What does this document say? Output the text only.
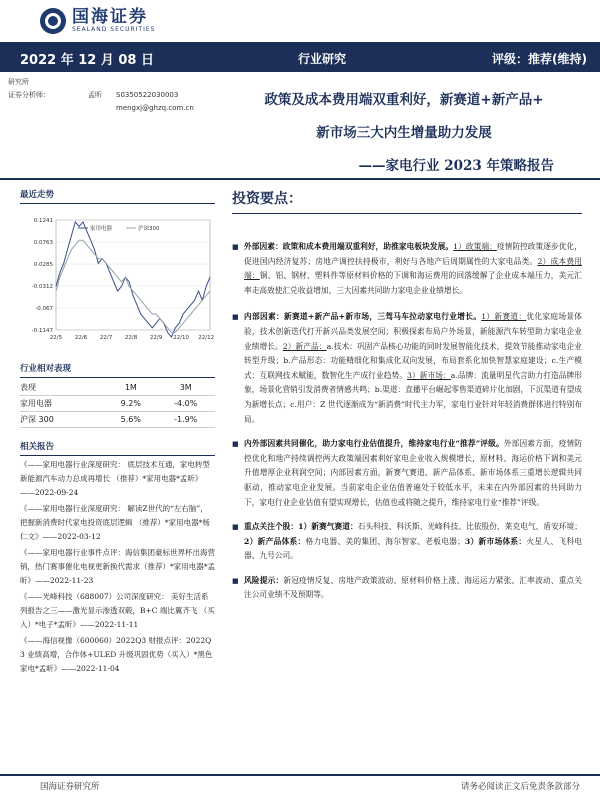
国海证券
SEALAND SECURITIES
2022 年 12 月 08 日	行业研究	评级：推荐(维持)
研究所
证券分析师：	孟昕 S0350522030003
mengxj@ghzq.com.cn	政策及成本费用端双重利好，新赛道+新产品+
新市场三大内生增量助力发展
——家电行业 2023 年策略报告
最近走势
0.1241
0.0763
0.0285
-0.0312
-0.067
-0.1147
22/5 22/6 22/7 22/8 22/9 22/10 22/12
家用电器	沪深300
行业相对表现
表现	1M	3M
家用电器	9.2%	-4.0%
沪深 300	5.6%	-1.9%
相关报告
《——家用电器行业深度研究： 底层技术互通，家电转型新能源汽车动力总成再增长 （推荐）*家用电器*孟昕》——2022-09-24
《——家用电器行业深度研究： 解读Z世代的“左右脑”，把握新消费时代家电投资底层逻辑 （推荐）*家用电器*杨仁文》——2022-03-12
《——家用电器行业事件点评：海信集团豪标世界杯出海营销，热门赛事催化电视更新换代需求（推荐）*家用电器*孟昕》——2022-11-23
《——光峰科技（688007）公司深度研究： 美好生活系列报告之三——激光显示渗透双毂，B+C 端比翼齐飞 （买入）*电子*孟昕》——2022-11-11
《——海信视像（600060）2022Q3 财报点评：2022Q3 业绩高增，合作体+ULED 升级巩固优势（买入）*黑色家电*孟昕》——2022-11-04
投资要点：
■ 外部因素：政策和成本费用端双重利好，助推家电板块发展。1）政策端：疫情防控政策逐步优化，促进国内经济复苏；房地产调控扶持极市，利好与各地产后周期属性的大家电品类。2）成本费用端：铜、铝、钢材、塑料件等原材料价格的下调和海运费用的回落缓解了企业成本端压力，美元汇率走高致使汇兑收益增加，三大因素共同助力家电企业业绩增长。
■ 内部因素：新赛道+新产品+新市场，三驾马车拉动家电行业增长。1）新赛道：优化家庭场景体验，技术创新迭代打开新兴品类发展空间；积极探索布局户外场景，新能源汽车转型助力家电企业业绩增长。2）新产品：a.技术：巩固产品核心功能的同时发展智能化技术，提效节能推动家电企业转型升级；b.产品形态：功能精细化和集成化双向发展，布局套系化加快智慧家庭建设；c.生产模式：互联网技术赋能，数智化生产成行业趋势。3）新市场：a.品牌：流量明星代言助力打造品牌形象，场景化营销引发消费者情感共鸣；b.渠道：直播平台崛起零售渠道碎片化加剧，下沉渠道有望成为新增长点；c.用户：Z 世代逐渐成为“新消费”时代主力军，家电行业针对年轻消费群体进行特别布局。
■ 内外部因素共同催化，助力家电行业估值提升，维持家电行业“推荐”评级。外部因素方面，疫情防控优化和地产持续调控两大政策端因素利好家电企业收入规模增长，原材料、海运价格下调和美元升值增厚企业利润空间；内部因素方面，新赛气赛道、新产品体系、新市场体系三重增长逻辑共同驱动，推动家电企业发展。当前家电企业估值普遍处于较低水平，未来在内外部因素的共同助力下，家电行业企业估值有望实现增长，估值也或将随之提升，维持家电行业“推荐”评级。
■ 重点关注个股：1）新赛气赛道：石头科技、科沃斯、光峰科技、比依股份、莱克电气、盾安环境；2）新产品体系：格力电器、美的集团、海尔智家、老板电器；3）新市场体系：火星人、飞科电器、九号公司。
■ 风险提示：新冠疫情反复、房地产政策波动、原材料价格上涨、海运运力紧张、汇率波动、重点关注公司业绩不及预期等。
国海证券研究所	请务必阅读正文后免责条款部分
